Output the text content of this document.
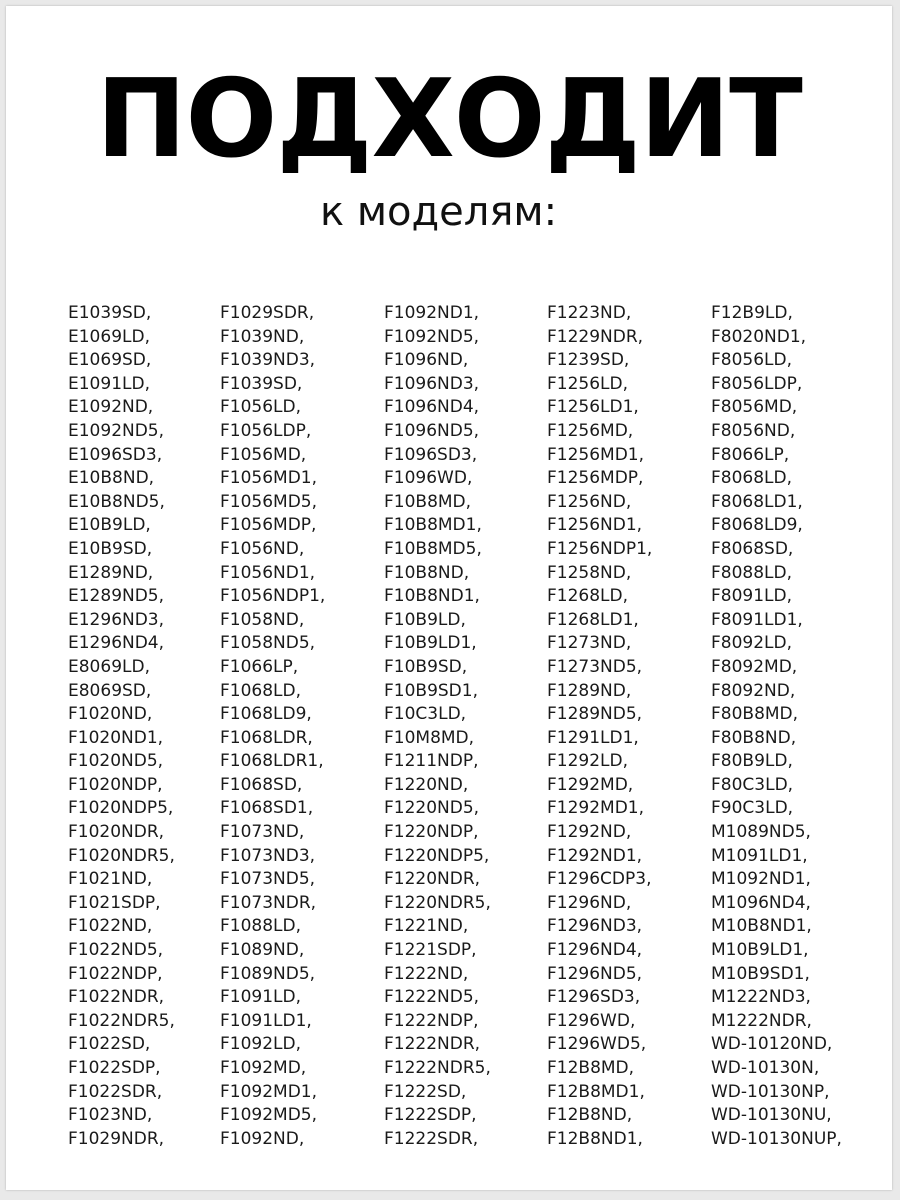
ПОДХОДИТ
к моделям:
E1039SD,
E1069LD,
E1069SD,
E1091LD,
E1092ND,
E1092ND5,
E1096SD3,
E10B8ND,
E10B8ND5,
E10B9LD,
E10B9SD,
E1289ND,
E1289ND5,
E1296ND3,
E1296ND4,
E8069LD,
E8069SD,
F1020ND,
F1020ND1,
F1020ND5,
F1020NDP,
F1020NDP5,
F1020NDR,
F1020NDR5,
F1021ND,
F1021SDP,
F1022ND,
F1022ND5,
F1022NDP,
F1022NDR,
F1022NDR5,
F1022SD,
F1022SDP,
F1022SDR,
F1023ND,
F1029NDR,
F1029SDR,
F1039ND,
F1039ND3,
F1039SD,
F1056LD,
F1056LDP,
F1056MD,
F1056MD1,
F1056MD5,
F1056MDP,
F1056ND,
F1056ND1,
F1056NDP1,
F1058ND,
F1058ND5,
F1066LP,
F1068LD,
F1068LD9,
F1068LDR,
F1068LDR1,
F1068SD,
F1068SD1,
F1073ND,
F1073ND3,
F1073ND5,
F1073NDR,
F1088LD,
F1089ND,
F1089ND5,
F1091LD,
F1091LD1,
F1092LD,
F1092MD,
F1092MD1,
F1092MD5,
F1092ND,
F1092ND1,
F1092ND5,
F1096ND,
F1096ND3,
F1096ND4,
F1096ND5,
F1096SD3,
F1096WD,
F10B8MD,
F10B8MD1,
F10B8MD5,
F10B8ND,
F10B8ND1,
F10B9LD,
F10B9LD1,
F10B9SD,
F10B9SD1,
F10C3LD,
F10M8MD,
F1211NDP,
F1220ND,
F1220ND5,
F1220NDP,
F1220NDP5,
F1220NDR,
F1220NDR5,
F1221ND,
F1221SDP,
F1222ND,
F1222ND5,
F1222NDP,
F1222NDR,
F1222NDR5,
F1222SD,
F1222SDP,
F1222SDR,
F1223ND,
F1229NDR,
F1239SD,
F1256LD,
F1256LD1,
F1256MD,
F1256MD1,
F1256MDP,
F1256ND,
F1256ND1,
F1256NDP1,
F1258ND,
F1268LD,
F1268LD1,
F1273ND,
F1273ND5,
F1289ND,
F1289ND5,
F1291LD1,
F1292LD,
F1292MD,
F1292MD1,
F1292ND,
F1292ND1,
F1296CDP3,
F1296ND,
F1296ND3,
F1296ND4,
F1296ND5,
F1296SD3,
F1296WD,
F1296WD5,
F12B8MD,
F12B8MD1,
F12B8ND,
F12B8ND1,
F12B9LD,
F8020ND1,
F8056LD,
F8056LDP,
F8056MD,
F8056ND,
F8066LP,
F8068LD,
F8068LD1,
F8068LD9,
F8068SD,
F8088LD,
F8091LD,
F8091LD1,
F8092LD,
F8092MD,
F8092ND,
F80B8MD,
F80B8ND,
F80B9LD,
F80C3LD,
F90C3LD,
M1089ND5,
M1091LD1,
M1092ND1,
M1096ND4,
M10B8ND1,
M10B9LD1,
M10B9SD1,
M1222ND3,
M1222NDR,
WD-10120ND,
WD-10130N,
WD-10130NP,
WD-10130NU,
WD-10130NUP,
